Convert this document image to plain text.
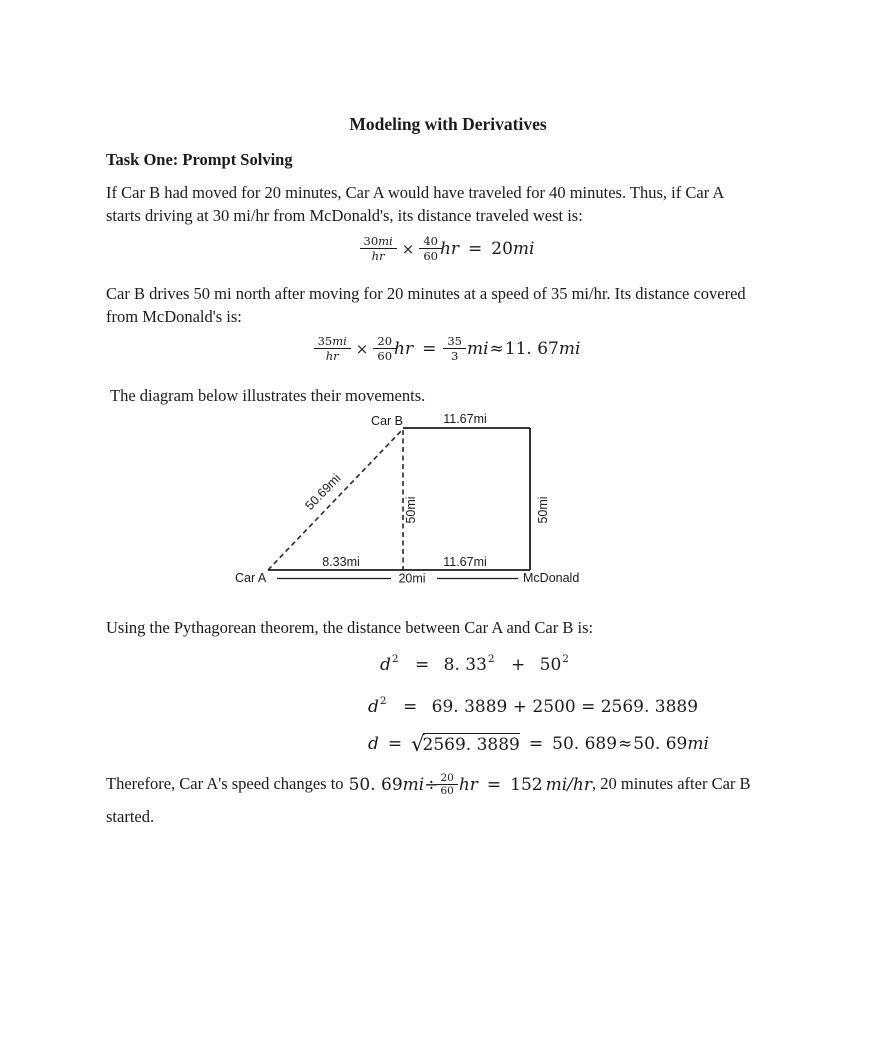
Modeling with Derivatives
Task One: Prompt Solving
If Car B had moved for 20 minutes, Car A would have traveled for 40 minutes. Thus, if Car A
starts driving at 30 mi/hr from McDonald's, its distance traveled west is:
$\frac{30mi}{hr} \times \frac{40}{60}$ hr = 20 mi
Car B drives 50 mi north after moving for 20 minutes at a speed of 35 mi/hr. Its distance covered
from McDonald's is:
$\frac{35mi}{hr} \times \frac{20}{60}$ hr = $\frac{35}{3}$ mi ≈ 11. 67 mi
The diagram below illustrates their movements.
Car B	11.67mi
50.69mi	50mi	50mi
8.33mi	11.67mi
Car A	20mi	McDonald
Using the Pythagorean theorem, the distance between Car A and Car B is:
$d^2 = 8$. $33^2 + 50^2$
$d^2 = 69$. 3889 + 2500 = 2569. 3889
d = √
2569. 3889 = 50. 689 ≈ 50. 69 mi
Therefore, Car A's speed changes to 50. $69mi\div \frac{20}{60}$ hr = 152 mi/hr , 20 minutes after Car B
started.
